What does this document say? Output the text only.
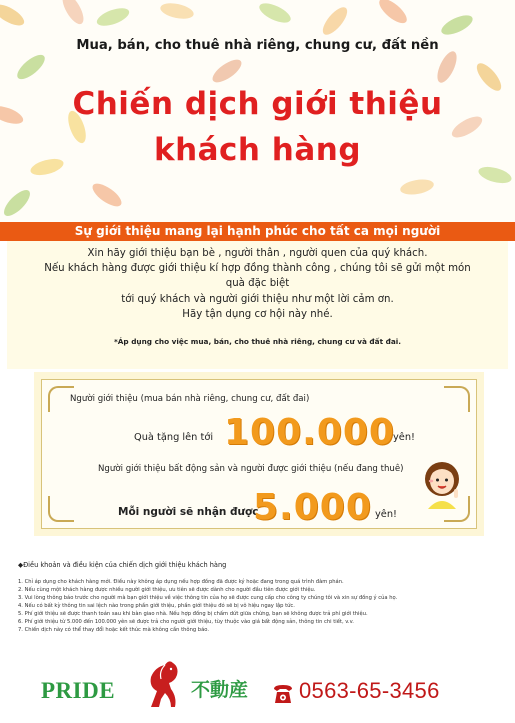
Mua, bán, cho thuê nhà riêng, chung cư, đất nền
Chiến dịch giới thiệu
khách hàng
Sự giới thiệu mang lại hạnh phúc cho tất ca mọi người
Xin hãy giới thiệu bạn bè , người thân , người quen của quý khách.
Nếu khách hàng được giới thiệu kí hợp đồng thành công , chúng tôi sẽ gửi một món
quà đặc biệt
tới quý khách và người giới thiệu như một lời cảm ơn.
Hãy tận dụng cơ hội này nhé.
*Áp dụng cho việc mua, bán, cho thuê nhà riêng, chung cư và đất đai.
Người giới thiệu (mua bán nhà riêng, chung cư, đất đai)
Quà tặng lên tới 100.000
yên!
Người giới thiệu bất động sản và người được giới thiệu (nếu đang thuê)
Mỗi người sẽ nhận được
5.000 yên!
◆Điều khoản và điều kiện của chiến dịch giới thiệu khách hàng
1. Chỉ áp dụng cho khách hàng mới. Điều này không áp dụng nếu hợp đồng đã được ký hoặc đang trong quá trình đàm phán.
2. Nếu cùng một khách hàng được nhiều người giới thiệu, ưu tiên sẽ được dành cho người đầu tiên được giới thiệu.
3. Vui lòng thông báo trước cho người mà bạn giới thiệu về việc thông tin của họ sẽ được cung cấp cho công ty chúng tôi và xin sự đồng ý của họ.
4. Nếu có bất kỳ thông tin sai lệch nào trong phần giới thiệu, phần giới thiệu đó sẽ bị vô hiệu ngay lập tức.
5. Phí giới thiệu sẽ được thanh toán sau khi bàn giao nhà. Nếu hợp đồng bị chấm dứt giữa chừng, bạn sẽ không được trả phí giới thiệu.
6. Phí giới thiệu từ 5.000 đến 100.000 yên sẽ được trả cho người giới thiệu, tùy thuộc vào giá bất động sản, thông tin chi tiết, v.v.
7. Chiến dịch này có thể thay đổi hoặc kết thúc mà không cần thông báo.
PRIDE	不動産 0563-65-3456
